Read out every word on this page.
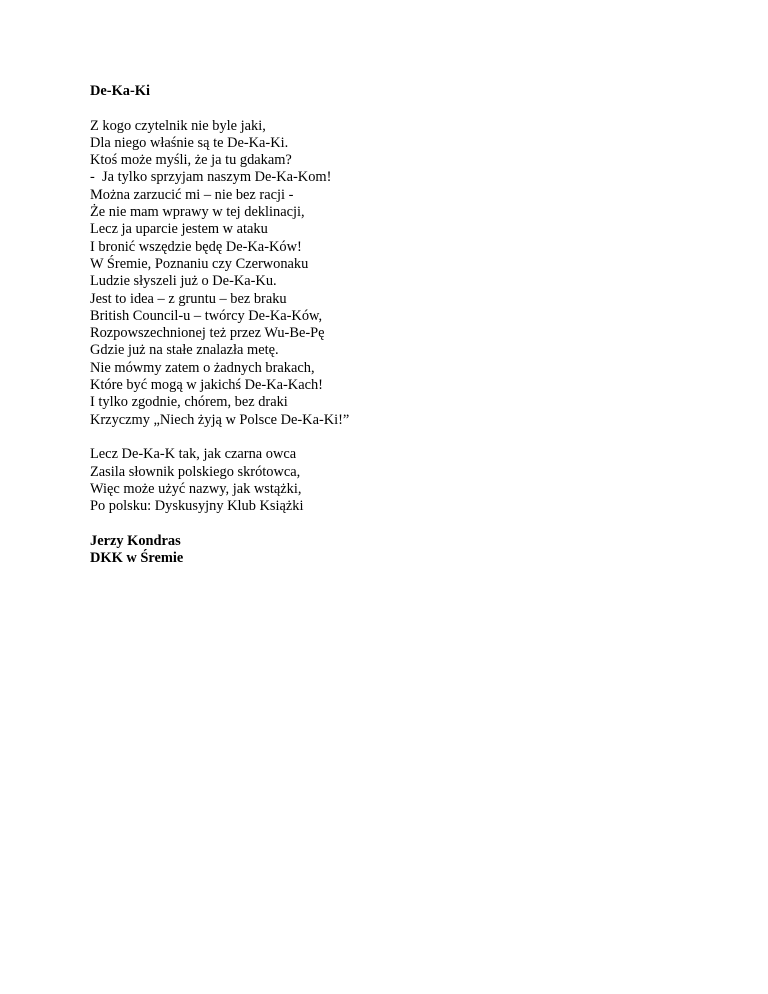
De-Ka-Ki
Z kogo czytelnik nie byle jaki,
Dla niego właśnie są te De-Ka-Ki.
Ktoś może myśli, że ja tu gdakam?
-  Ja tylko sprzyjam naszym De-Ka-Kom!
Można zarzucić mi – nie bez racji -
Że nie mam wprawy w tej deklinacji,
Lecz ja uparcie jestem w ataku
I bronić wszędzie będę De-Ka-Ków!
W Śremie, Poznaniu czy Czerwonaku
Ludzie słyszeli już o De-Ka-Ku.
Jest to idea – z gruntu – bez braku
British Council-u – twórcy De-Ka-Ków,
Rozpowszechnionej też przez Wu-Be-Pę
Gdzie już na stałe znalazła metę.
Nie mówmy zatem o żadnych brakach,
Które być mogą w jakichś De-Ka-Kach!
I tylko zgodnie, chórem, bez draki
Krzyczmy „Niech żyją w Polsce De-Ka-Ki!”
Lecz De-Ka-K tak, jak czarna owca
Zasila słownik polskiego skrótowca,
Więc może użyć nazwy, jak wstążki,
Po polsku: Dyskusyjny Klub Książki
Jerzy Kondras
DKK w Śremie
